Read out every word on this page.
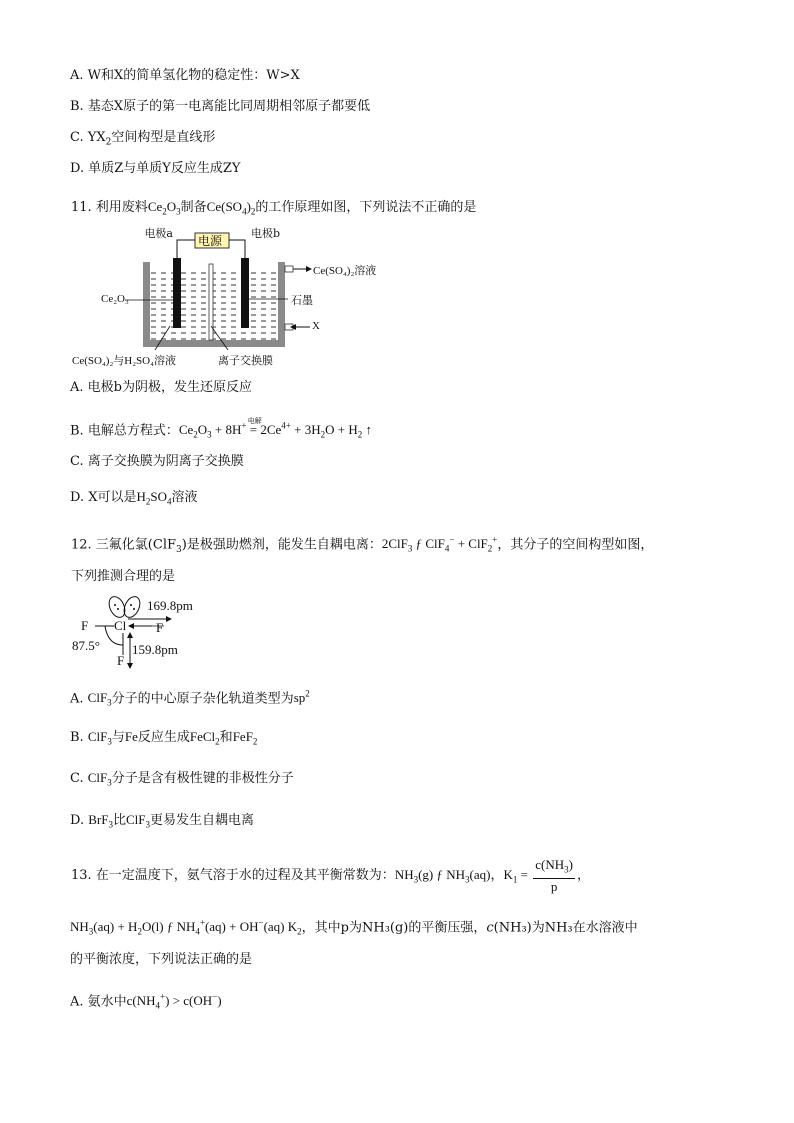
A. W和X的简单氢化物的稳定性：W>X
B. 基态X原子的第一电离能比同周期相邻原子都要低
C. $YX_2$空间构型是直线形
D. 单质Z与单质Y反应生成ZY
11. 利用废料$Ce_2O_3$制备$Ce(SO_4)_2$的工作原理如图，下列说法不正确的是
电极a
电源
电极b
Ce(SO₄)₂溶液
石墨
X
Ce₂O₃
Ce(SO₄)₂与H₂SO₄溶液	离子交换膜
A. 电极b为阴极，发生还原反应
B. 电解总方程式：$Ce_2O_3 + 8H^+$ 电解
= $2Ce^{4+} + 3H_2O + H_2$ ↑
C. 离子交换膜为阴离子交换膜
D. X可以是$H_2SO_4$溶液
12. 三氟化氯(ClF$_3$)是极强助燃剂，能发生自耦电离：2ClF$_3$ ƒ ClF$_4$− + ClF$_2$+，其分子的空间构型如图，
下列推测合理的是
169.8pm
F Cl F
87.5°
F
159.8pm
A. ClF$_3$分子的中心原子杂化轨道类型为$sp^2$
B. ClF$_3$与Fe反应生成FeCl$_2$和FeF$_2$
C. ClF$_3$分子是含有极性键的非极性分子
D. BrF$_3$比ClF$_3$更易发生自耦电离
13. 在一定温度下，氨气溶于水的过程及其平衡常数为：$NH_3(g)$ ƒ $NH_3(aq)$，$K_1 = \frac{c(NH_3)}{p}$ ，
$NH_3(aq) + H_2O(l)$ ƒ $NH_4^+(aq) + OH^-(aq)$ $K_2$，其中p为NH₃(g)的平衡压强，c(NH₃)为NH₃在水溶液中
的平衡浓度，下列说法正确的是
A. 氨水中$c(NH_4^+) > c(OH^-)$
